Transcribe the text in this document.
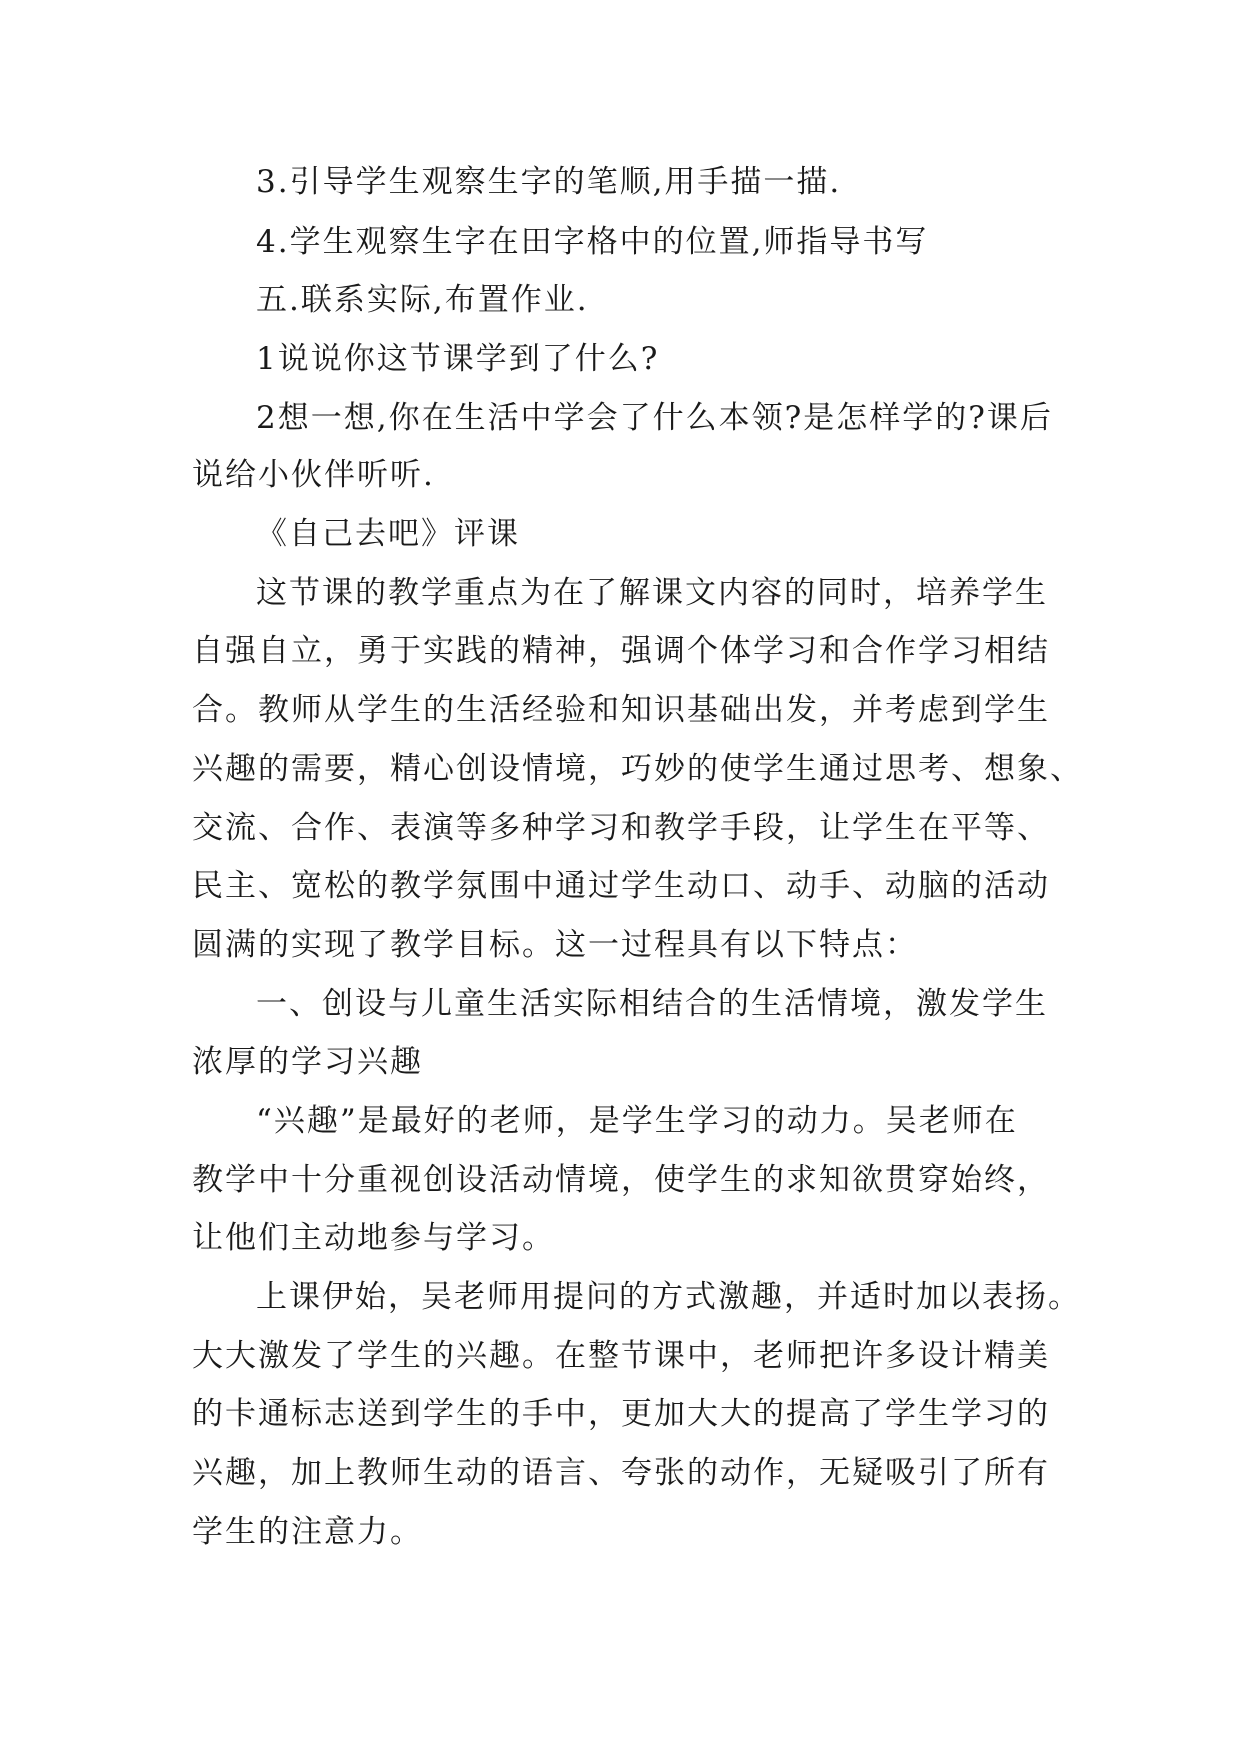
3.引导学生观察生字的笔顺,用手描一描.
4.学生观察生字在田字格中的位置,师指导书写
五.联系实际,布置作业.
1说说你这节课学到了什么?
2想一想,你在生活中学会了什么本领?是怎样学的?课后
说给小伙伴听听.
《自己去吧》评课
这节课的教学重点为在了解课文内容的同时，培养学生
自强自立，勇于实践的精神，强调个体学习和合作学习相结
合。教师从学生的生活经验和知识基础出发，并考虑到学生
兴趣的需要，精心创设情境，巧妙的使学生通过思考、想象、
交流、合作、表演等多种学习和教学手段，让学生在平等、
民主、宽松的教学氛围中通过学生动口、动手、动脑的活动
圆满的实现了教学目标。这一过程具有以下特点：
一、创设与儿童生活实际相结合的生活情境，激发学生
浓厚的学习兴趣
“兴趣”是最好的老师，是学生学习的动力。吴老师在
教学中十分重视创设活动情境，使学生的求知欲贯穿始终，
让他们主动地参与学习。
上课伊始，吴老师用提问的方式激趣，并适时加以表扬。
大大激发了学生的兴趣。在整节课中，老师把许多设计精美
的卡通标志送到学生的手中，更加大大的提高了学生学习的
兴趣，加上教师生动的语言、夸张的动作，无疑吸引了所有
学生的注意力。
